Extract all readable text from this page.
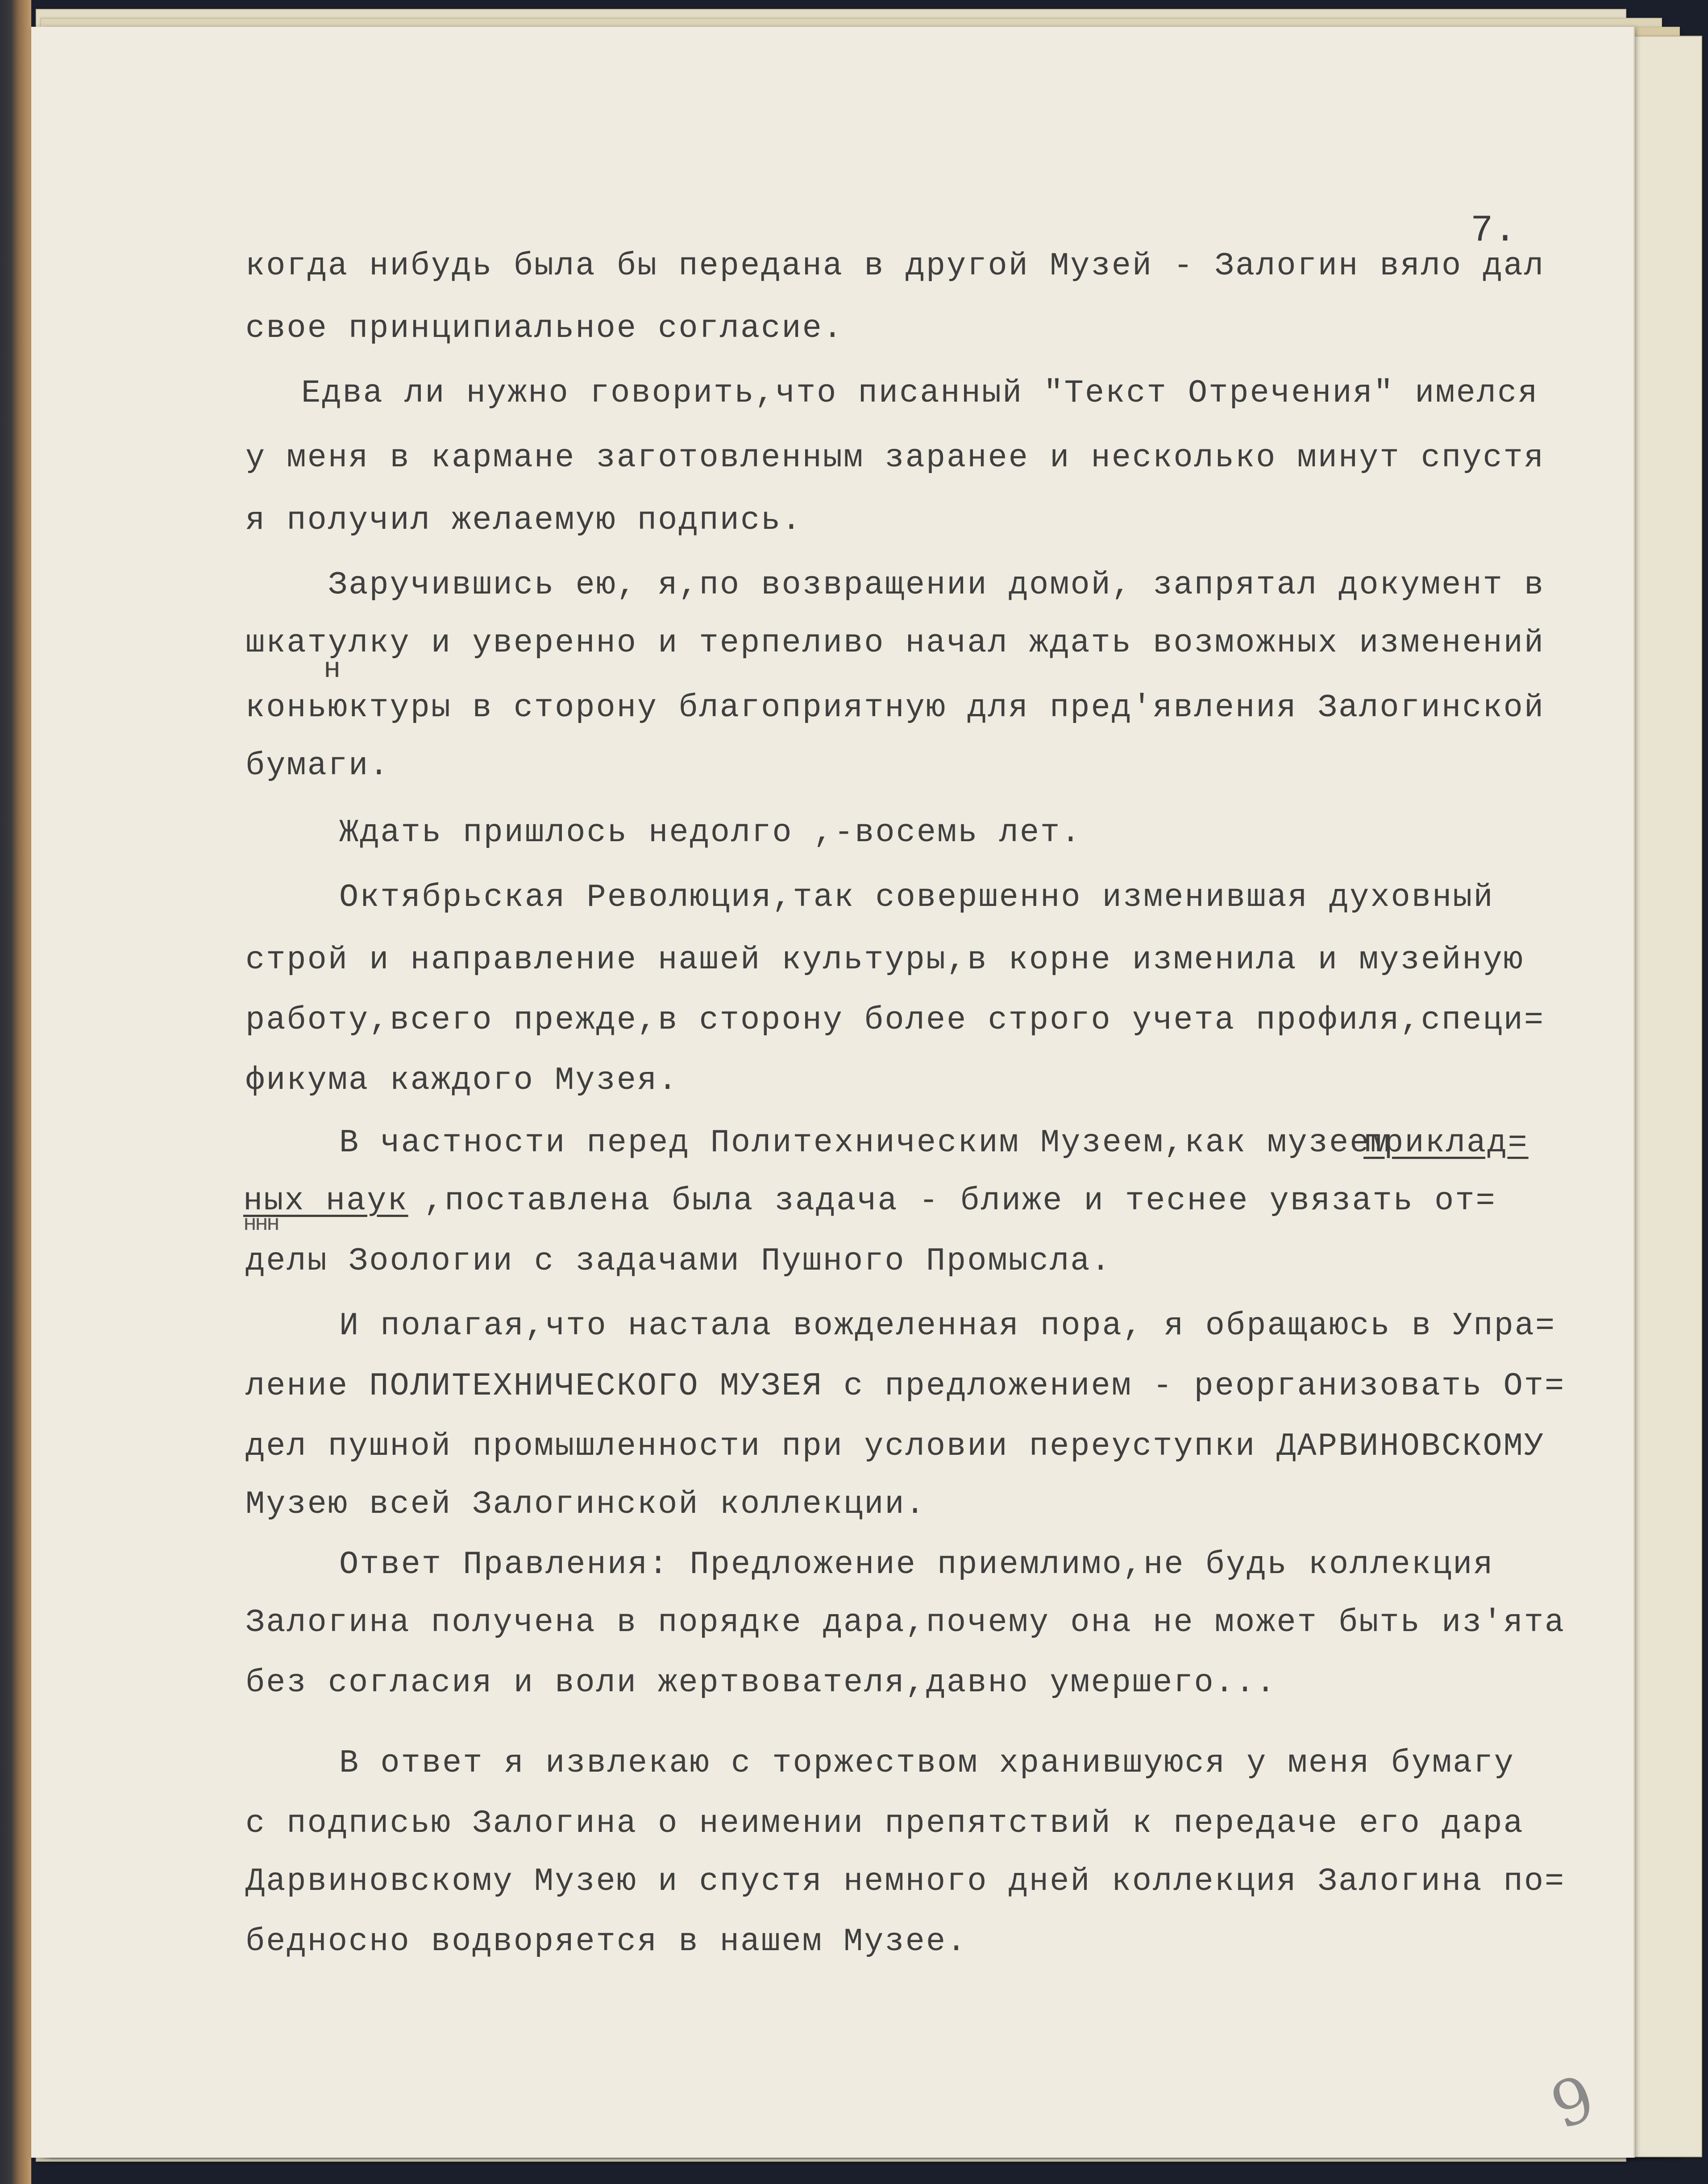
7.
когда нибудь была бы передана в другой Музей - Залогин вяло дал
свое принципиальное согласие.
Едва ли нужно говорить,что писанный "Текст Отречения" имелся
у меня в кармане заготовленным заранее и несколько минут спустя
я получил желаемую подпись.
Заручившись ею, я,по возвращении домой, запрятал документ в
шкатулку и уверенно и терпеливо начал ждать возможных изменений
н
коньюктуры в сторону благоприятную для пред'явления Залогинской
бумаги.
Ждать пришлось недолго ,-восемь лет.
Октябрьская Революция,так совершенно изменившая духовный
строй и направление нашей культуры,в корне изменила и музейную
работу,всего прежде,в сторону более строго учета профиля,специ=
фикума каждого Музея.
В частности перед Политехническим Музеем,как музеем
приклад=
ных наук
ннн
,поставлена была задача - ближе и теснее увязать от=
делы Зоологии с задачами Пушного Промысла.
И полагая,что настала вожделенная пора, я обращаюсь в Упра=
ление ПОЛИТЕХНИЧЕСКОГО МУЗЕЯ с предложением - реорганизовать От=
дел пушной промышленности при условии переуступки ДАРВИНОВСКОМУ
Музею всей Залогинской коллекции.
Ответ Правления: Предложение приемлимо,не будь коллекция
Залогина получена в порядке дара,почему она не может быть из'ята
без согласия и воли жертвователя,давно умершего...
В ответ я извлекаю с торжеством хранившуюся у меня бумагу
с подписью Залогина о неимении препятствий к передаче его дара
Дарвиновскому Музею и спустя немного дней коллекция Залогина по=
бедносно водворяется в нашем Музее.
9
